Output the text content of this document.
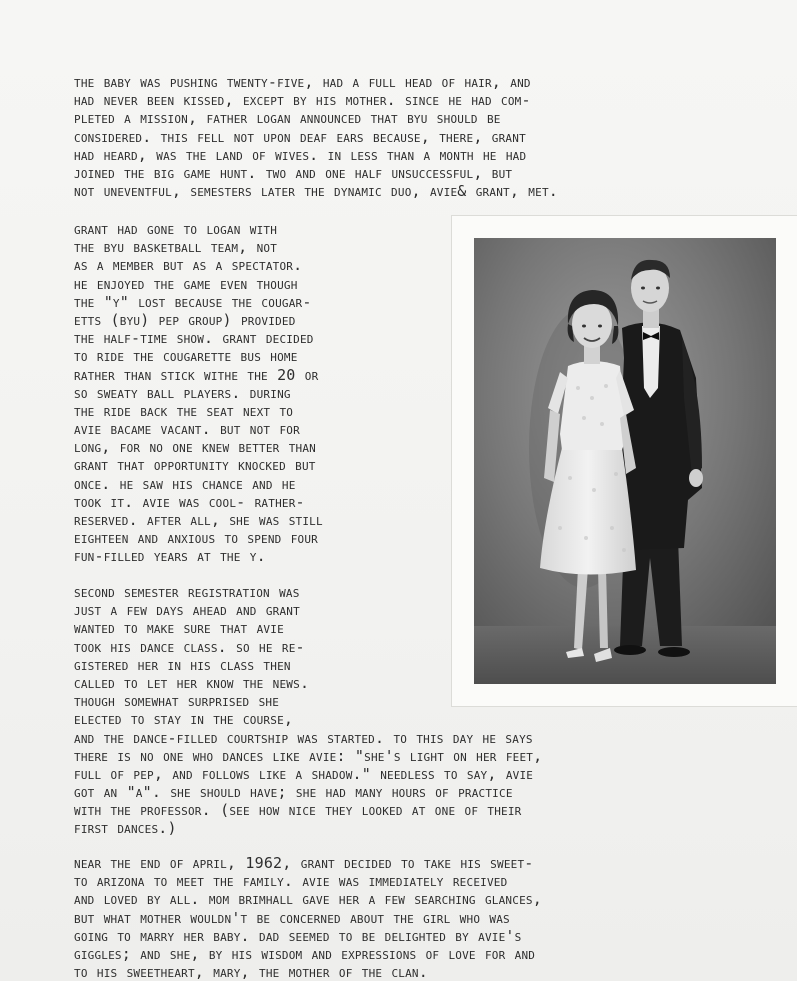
the baby was pushing twenty-five, had a full head of hair, and
had never been kissed, except by his mother. since he had com-
pleted a mission, father logan announced that byu should be
considered. this fell not upon deaf ears because, there, grant
had heard, was the land of wives. in less than a month he had
joined the big game hunt. two and one half unsuccessful, but
not uneventful, semesters later the dynamic duo, avie& grant, met.
grant had gone to logan with
the byu basketball team, not
as a member but as a spectator.
he enjoyed the game even though
the "y" lost because the cougar-
etts (byu) pep group) provided
the half-time show. grant decided
to ride the cougarette bus home
rather than stick withe the 20 or
so sweaty ball players. during
the ride back the seat next to
avie bacame vacant. but not for
long, for no one knew better than
grant that opportunity knocked but
once. he saw his chance and he
took it. avie was cool- rather-
reserved. after all, she was still
eighteen and anxious to spend four
fun-filled years at the y.
second semester registration was
just a few days ahead and grant
wanted to make sure that avie
took his dance class. so he re-
gistered her in his class then
called to let her know the news.
though somewhat surprised she
elected to stay in the course,
and the dance-filled courtship was started. to this day he says
there is no one who dances like avie: "she's light on her feet,
full of pep, and follows like a shadow." needless to say, avie
got an "a". she should have; she had many hours of practice
with the professor. (see how nice they looked at one of their
first dances.)
near the end of april, 1962, grant decided to take his sweet-
to arizona to meet the family. avie was immediately received
and loved by all. mom brimhall gave her a few searching glances,
but what mother wouldn't be concerned about the girl who was
going to marry her baby. dad seemed to be delighted by avie's
giggles; and she, by his wisdom and expressions of love for and
to his sweetheart, mary, the mother of the clan.
